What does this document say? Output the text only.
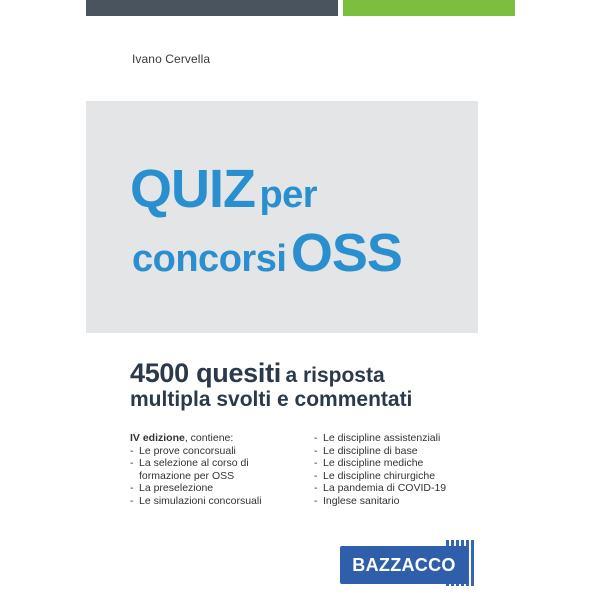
Ivano Cervella
QUIZ per
concorsi OSS
4500 quesiti a risposta
multipla svolti e commentati
IV edizione, contiene:
- Le prove concorsuali
- La selezione al corso di formazione per OSS
- La preselezione
- Le simulazioni concorsuali
- Le discipline assistenziali
- Le discipline di base
- Le discipline mediche
- Le discipline chirurgiche
- La pandemia di COVID-19
- Inglese sanitario
BAZZACCO
